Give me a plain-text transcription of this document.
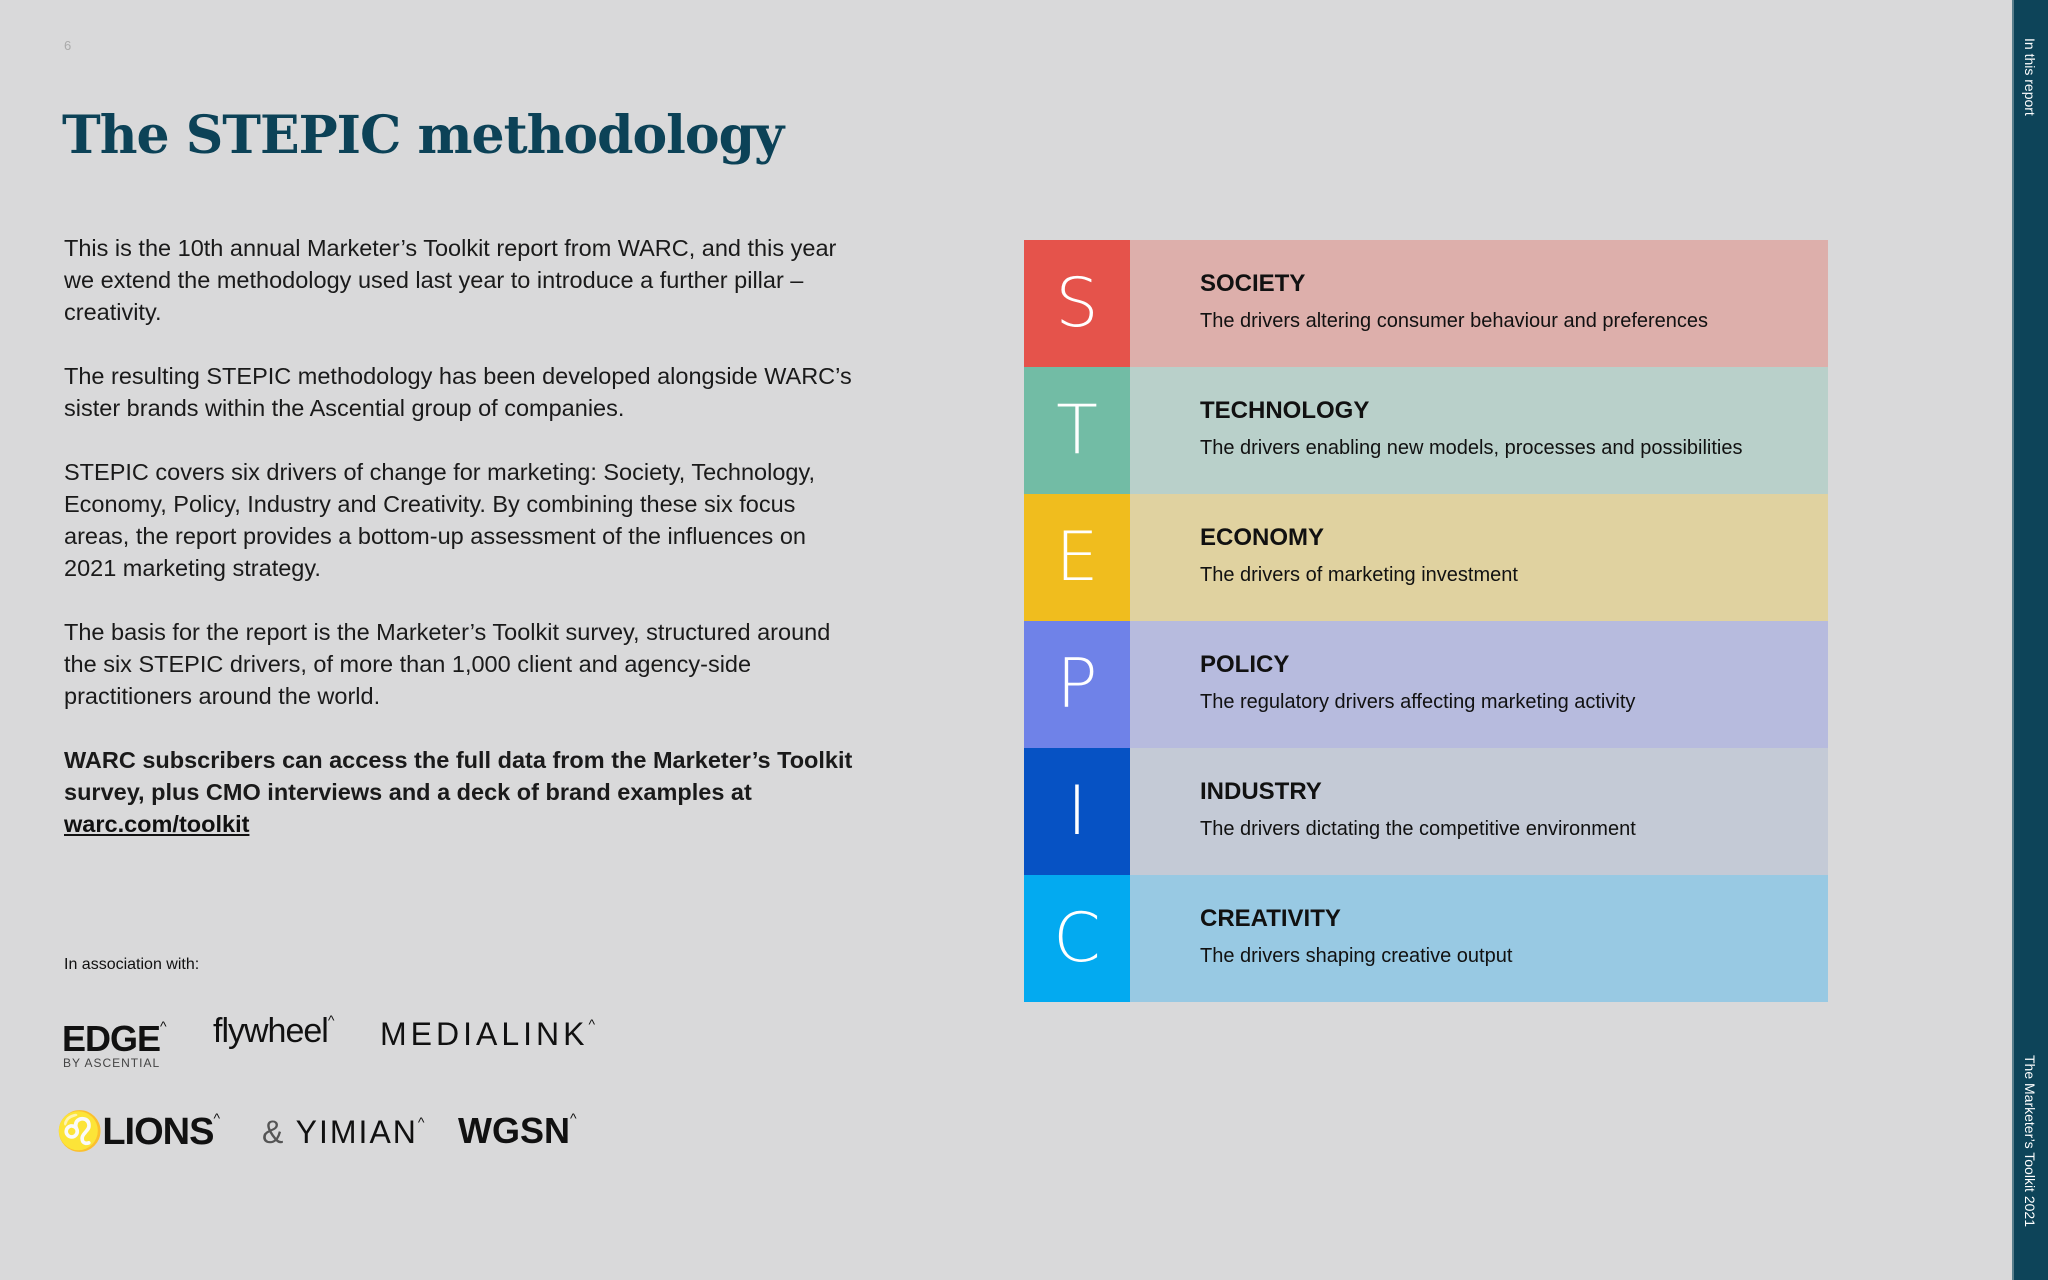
6
The STEPIC methodology

This is the 10th annual Marketer’s Toolkit report from WARC, and this year we extend the methodology used last year to introduce a further pillar – creativity.

The resulting STEPIC methodology has been developed alongside WARC’s sister brands within the Ascential group of companies.

STEPIC covers six drivers of change for marketing: Society, Technology, Economy, Policy, Industry and Creativity. By combining these six focus areas, the report provides a bottom-up assessment of the influences on 2021 marketing strategy.

The basis for the report is the Marketer’s Toolkit survey, structured around the six STEPIC drivers, of more than 1,000 client and agency-side practitioners around the world.

WARC subscribers can access the full data from the Marketer’s Toolkit survey, plus CMO interviews and a deck of brand examples at warc.com/toolkit

In association with:
EDGE^
BY ASCENTIAL
flywheel^ MEDIALINK^
♌LIONS^ & YIMIAN^ WGSN^
S	SOCIETY
The drivers altering consumer behaviour and preferences
T	TECHNOLOGY
The drivers enabling new models, processes and possibilities
E	ECONOMY
The drivers of marketing investment
P	POLICY
The regulatory drivers affecting marketing activity
I	INDUSTRY
The drivers dictating the competitive environment
C	CREATIVITY
The drivers shaping creative output
In this report
The Marketer’s Toolkit 2021
